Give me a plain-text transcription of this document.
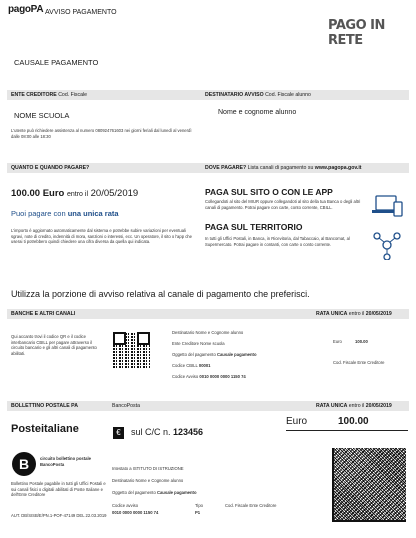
pagoPA AVVISO PAGAMENTO
PAGO IN RETE
CAUSALE PAGAMENTO
ENTE CREDITORE Cod. Fiscale	DESTINATARIO AVVISO Cod. Fiscale alunno
NOME SCUOLA	Nome e cognome alunno
L'utente può richiedere assistenza al numero 080924761603 nei giorni feriali dal lunedì al venerdì dalle 08:00 alle 18:30
QUANTO E QUANDO PAGARE?	DOVE PAGARE? Lista canali di pagamento su www.pagopa.gov.it
100.00 Euro entro il 20/05/2019
Puoi pagare con una unica rata
L'importo è aggiornato automaticamente dal sistema e potrebbe subire variazioni per eventuali sgravi, note di credito, indennità di mora, sanzioni o interessi, ecc. Un operatore, il sito o l'app che userai ti potrebbero quindi chiedere una cifra diversa da quella qui indicata.
PAGA SUL SITO O CON LE APP
Collegandoti al sito del MIUR oppure collegandoti al sito della tua Banca o degli altri canali di pagamento. Potrai pagare con carte, conto corrente, CBILL.
PAGA SUL TERRITORIO
In tutti gli Uffici Postali, in Banca, in Ricevitoria, dal Tabaccaio, al Bancomat, al Supermercato. Potrai pagare in contanti, con carte o conto corrente.
Utilizza la porzione di avviso relativa al canale di pagamento che preferisci.
BANCHE E ALTRI CANALI	RATA UNICA entro il 20/05/2019
Qui accanto trovi il codice QR e il codice interbancario CBILL per pagare attraverso il circuito bancario e gli altri canali di pagamento abilitati.
Destinatario Nome e Cognome alunno
Ente Creditore Nome scuola
Oggetto del pagamento Causale pagamento
Codice CBILL 00001
Codice Avviso 0010 0000 0000 1150 74
Euro	100.00
Cod. Fiscale Ente Creditore
BOLLETTINO POSTALE PA	BancoPosta	RATA UNICA entro il 20/05/2019
Posteitaliane	€	sul C/C n. 123456
Euro	100.00
B	circuito bollettino postale BancoPosta
Bollettino Postale pagabile in tutti gli Uffici Postali e sui canali fisici o digitali abilitati di Poste Italiane e dell'Ente Creditore
AUT. DB/SISB/E/PN.1-POF-47149 DEL 22.03.2019
Intestato a ISTITUTO DI ISTRUZIONE
Destinatario Nome e Cognome alunno
Oggetto del pagamento Causale pagamento
Codice avviso
0010 0000 0000 1150 74
Tipo
P1
Cod. Fiscale Ente Creditore
